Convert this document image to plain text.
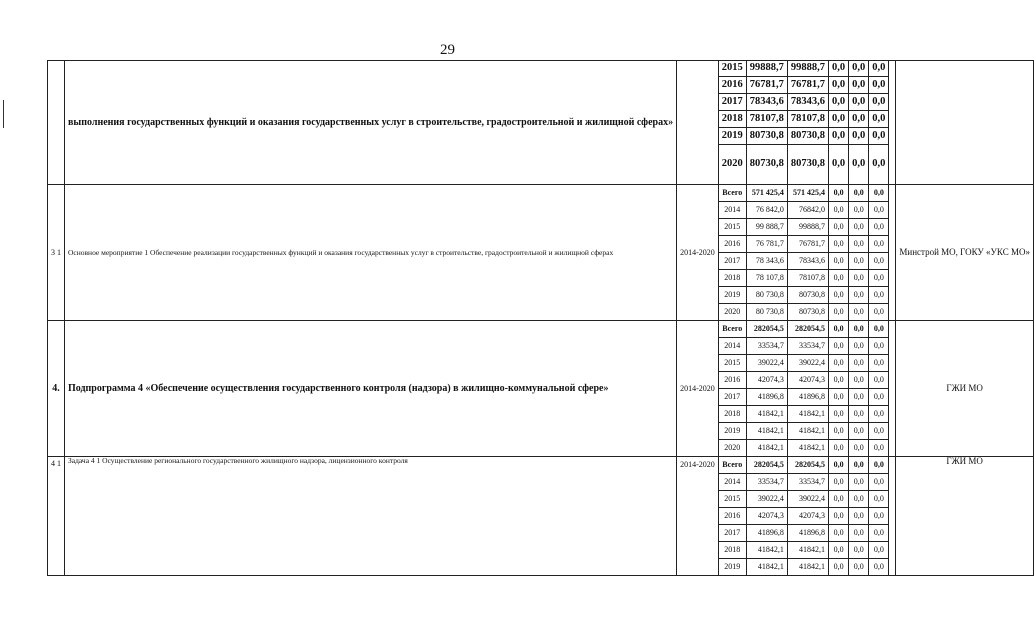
29
	выполнения государственных функций и оказания государственных услуг в строительстве, градостроительной и жилищной сферах»		2015	99888,7	99888,7	0,0	0,0	0,0		
			2016	76781,7	76781,7	0,0	0,0	0,0		
			2017	78343,6	78343,6	0,0	0,0	0,0		
			2018	78107,8	78107,8	0,0	0,0	0,0		
			2019	80730,8	80730,8	0,0	0,0	0,0		
			2020	80730,8	80730,8	0,0	0,0	0,0		
3 1	Основное мероприятие 1 Обеспечение реализации государственных функций и оказания государственных услуг в строительстве, градостроительной и жилищной сферах	2014-2020	Всего	571 425,4	571 425,4	0,0	0,0	0,0		Минстрой МО, ГОКУ «УКС МО»
			2014	76 842,0	76842,0	0,0	0,0	0,0		
			2015	99 888,7	99888,7	0,0	0,0	0,0		
			2016	76 781,7	76781,7	0,0	0,0	0,0		
			2017	78 343,6	78343,6	0,0	0,0	0,0		
			2018	78 107,8	78107,8	0,0	0,0	0,0		
			2019	80 730,8	80730,8	0,0	0,0	0,0		
			2020	80 730,8	80730,8	0,0	0,0	0,0		
4.	Подпрограмма 4 «Обеспечение осуществления государственного контроля (надзора) в жилищно-коммунальной сфере»	2014-2020	Всего	282054,5	282054,5	0,0	0,0	0,0		ГЖИ МО
			2014	33534,7	33534,7	0,0	0,0	0,0		
			2015	39022,4	39022,4	0,0	0,0	0,0		
			2016	42074,3	42074,3	0,0	0,0	0,0		
			2017	41896,8	41896,8	0,0	0,0	0,0		
			2018	41842,1	41842,1	0,0	0,0	0,0		
			2019	41842,1	41842,1	0,0	0,0	0,0		
			2020	41842,1	41842,1	0,0	0,0	0,0		
4 1	Задача 4 1 Осуществление регионального государственного жилищного надзора, лицензионного контроля	2014-2020	Всего	282054,5	282054,5	0,0	0,0	0,0		ГЖИ МО
			2014	33534,7	33534,7	0,0	0,0	0,0		
			2015	39022,4	39022,4	0,0	0,0	0,0		
			2016	42074,3	42074,3	0,0	0,0	0,0		
			2017	41896,8	41896,8	0,0	0,0	0,0		
			2018	41842,1	41842,1	0,0	0,0	0,0		
			2019	41842,1	41842,1	0,0	0,0	0,0		
